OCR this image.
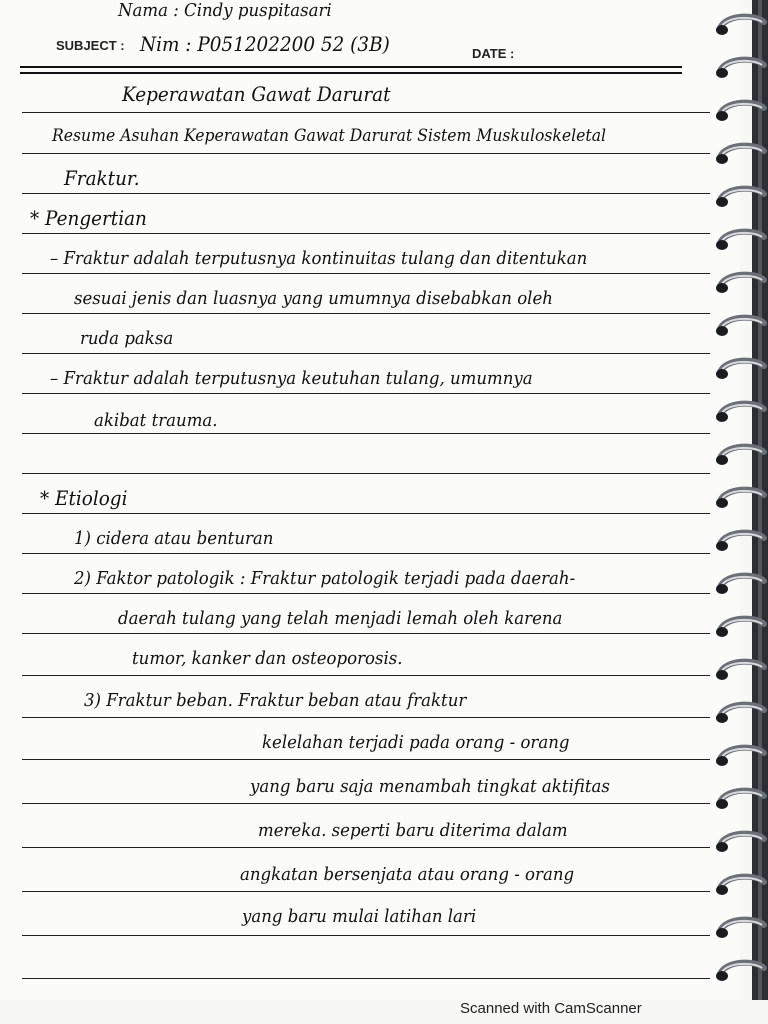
Nama : Cindy puspitasari
SUBJECT : Nim : P051202200 52 (3B)	DATE :
Keperawatan Gawat Darurat
Resume Asuhan Keperawatan Gawat Darurat Sistem Muskuloskeletal
Fraktur.
* Pengertian
– Fraktur adalah terputusnya kontinuitas tulang dan ditentukan
sesuai jenis dan luasnya yang umumnya disebabkan oleh
ruda paksa
– Fraktur adalah terputusnya keutuhan tulang, umumnya
akibat trauma.
* Etiologi
1) cidera atau benturan
2) Faktor patologik : Fraktur patologik terjadi pada daerah-
daerah tulang yang telah menjadi lemah oleh karena
tumor, kanker dan osteoporosis.
3) Fraktur beban. Fraktur beban atau fraktur
kelelahan terjadi pada orang - orang
yang baru saja menambah tingkat aktifitas
mereka. seperti baru diterima dalam
angkatan bersenjata atau orang - orang
yang baru mulai latihan lari
Scanned with CamScanner
